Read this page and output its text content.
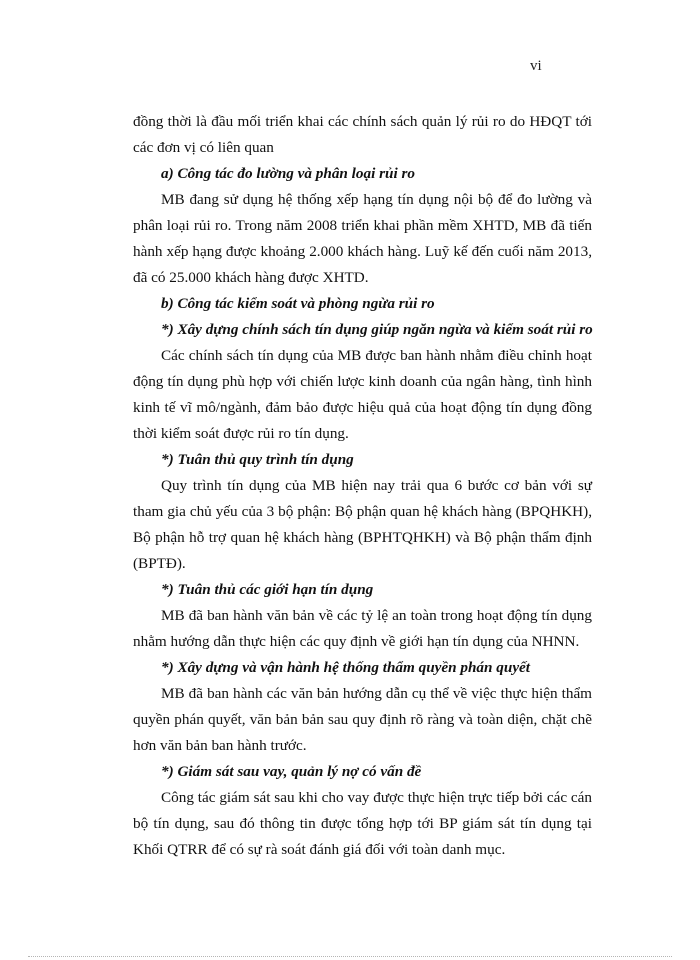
vi

đồng thời là đầu mối triển khai các chính sách quản lý rủi ro do HĐQT tới các đơn vị có liên quan

a) Công tác đo lường và phân loại rủi ro

MB đang sử dụng hệ thống xếp hạng tín dụng nội bộ để đo lường và phân loại rủi ro. Trong năm 2008 triển khai phần mềm XHTD, MB đã tiến hành xếp hạng được khoảng 2.000 khách hàng. Luỹ kế đến cuối năm 2013, đã có 25.000 khách hàng được XHTD.

b) Công tác kiểm soát và phòng ngừa rủi ro

*) Xây dựng chính sách tín dụng giúp ngăn ngừa và kiểm soát rủi ro

Các chính sách tín dụng của MB được ban hành nhằm điều chỉnh hoạt động tín dụng phù hợp với chiến lược kinh doanh của ngân hàng, tình hình kinh tế vĩ mô/ngành, đảm bảo được hiệu quả của hoạt động tín dụng đồng thời kiểm soát được rủi ro tín dụng.

*) Tuân thủ quy trình tín dụng

Quy trình tín dụng của MB hiện nay trải qua 6 bước cơ bản với sự tham gia chủ yếu của 3 bộ phận: Bộ phận quan hệ khách hàng (BPQHKH), Bộ phận hỗ trợ quan hệ khách hàng (BPHTQHKH) và Bộ phận thẩm định (BPTĐ).

*) Tuân thủ các giới hạn tín dụng

MB đã ban hành văn bản về các tỷ lệ an toàn trong hoạt động tín dụng nhằm hướng dẫn thực hiện các quy định về giới hạn tín dụng của NHNN.

*) Xây dựng và vận hành hệ thống thẩm quyền phán quyết

MB đã ban hành các văn bản hướng dẫn cụ thể về việc thực hiện thẩm quyền phán quyết, văn bản bản sau quy định rõ ràng và toàn diện, chặt chẽ hơn văn bản ban hành trước.

*) Giám sát sau vay, quản lý nợ có vấn đề

Công tác giám sát sau khi cho vay được thực hiện trực tiếp bởi các cán bộ tín dụng, sau đó thông tin được tổng hợp tới BP giám sát tín dụng tại Khối QTRR để có sự rà soát đánh giá đối với toàn danh mục.
